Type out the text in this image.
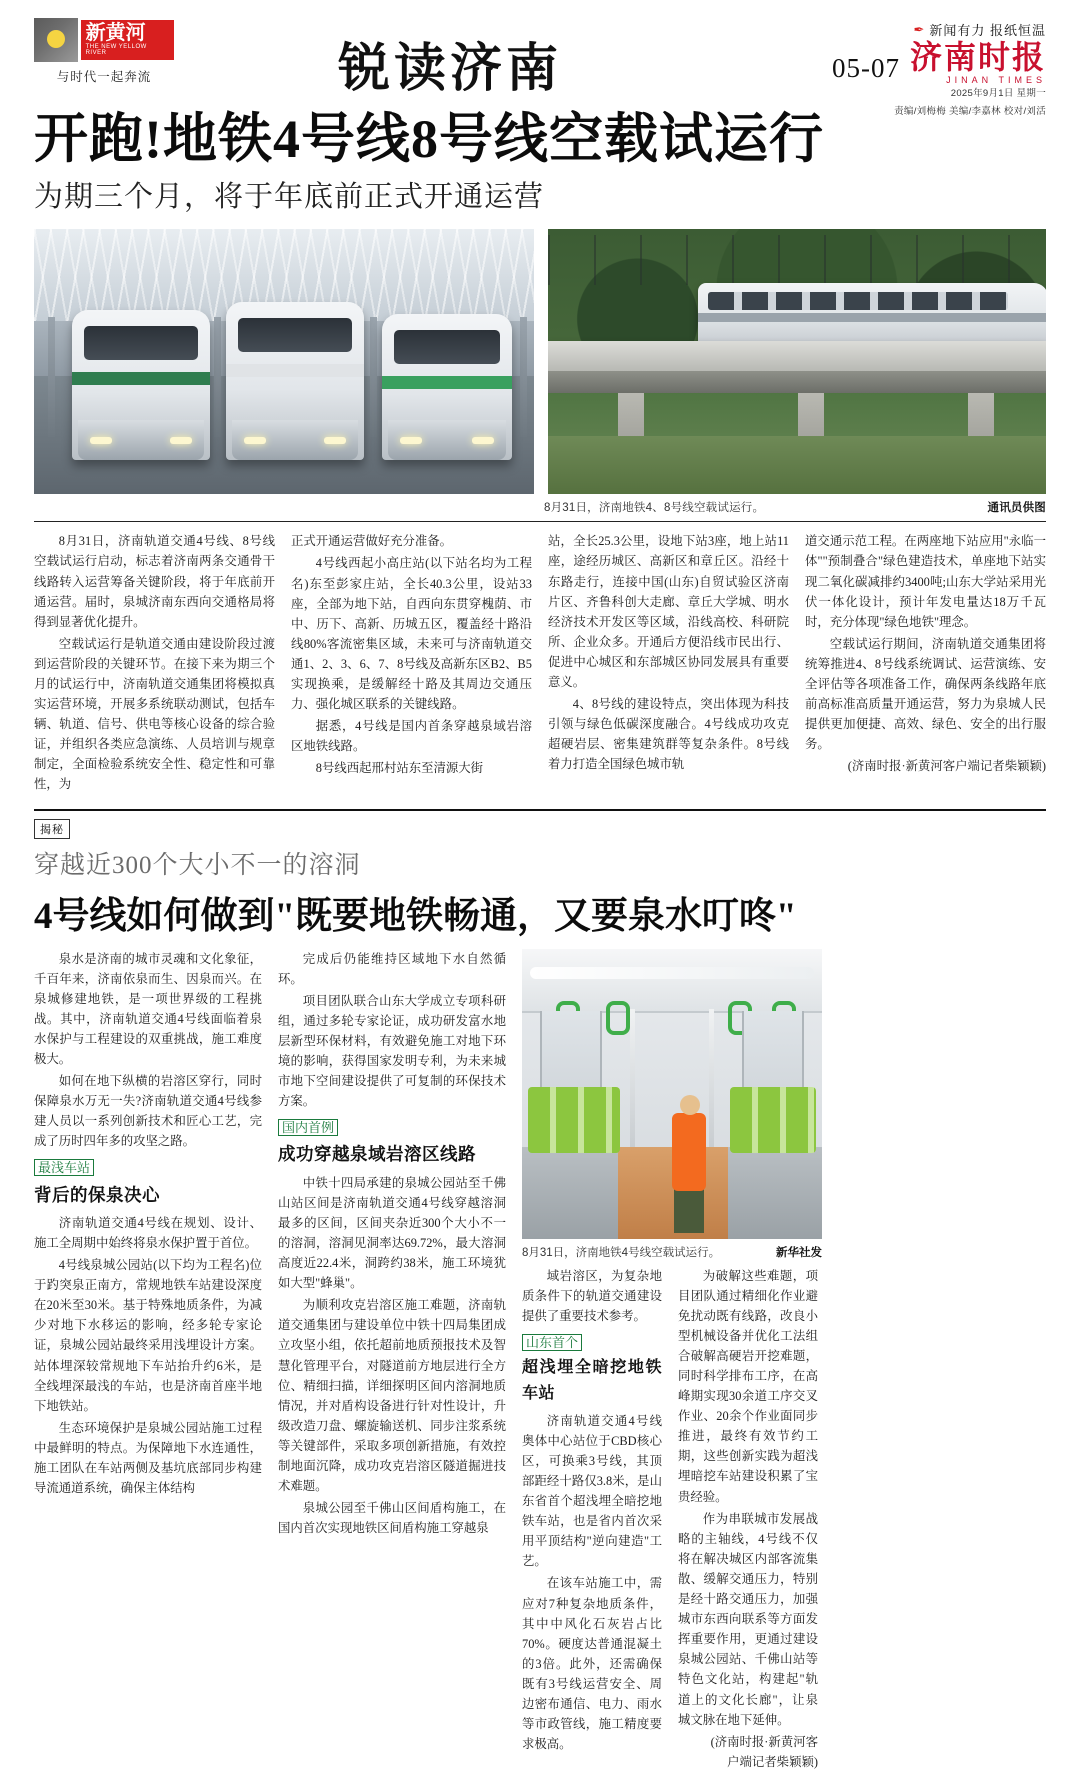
新黄河
THE NEW YELLOW RIVER
与时代一起奔流	锐读济南
✒ 新闻有力 报纸恒温
05-07 济南时报
JINAN TIMES
2025年9月1日 星期一
责编/刘梅梅 美编/李嘉林 校对/刘活
开跑!地铁4号线8号线空载试运行
为期三个月，将于年底前正式开通运营
8月31日，济南地铁4、8号线空载试运行。	通讯员供图

8月31日，济南轨道交通4号线、8号线空载试运行启动，标志着济南两条交通骨干线路转入运营筹备关键阶段，将于年底前开通运营。届时，泉城济南东西向交通格局将得到显著优化提升。

空载试运行是轨道交通由建设阶段过渡到运营阶段的关键环节。在接下来为期三个月的试运行中，济南轨道交通集团将模拟真实运营环境，开展多系统联动测试，包括车辆、轨道、信号、供电等核心设备的综合验证，并组织各类应急演练、人员培训与规章制定，全面检验系统安全性、稳定性和可靠性，为

正式开通运营做好充分准备。

4号线西起小高庄站(以下站名均为工程名)东至彭家庄站，全长40.3公里，设站33座，全部为地下站，自西向东贯穿槐荫、市中、历下、高新、历城五区，覆盖经十路沿线80%客流密集区域，未来可与济南轨道交通1、2、3、6、7、8号线及高新东区B2、B5实现换乘，是缓解经十路及其周边交通压力、强化城区联系的关键线路。

据悉，4号线是国内首条穿越泉域岩溶区地铁线路。

8号线西起邢村站东至清源大街

站，全长25.3公里，设地下站3座，地上站11座，途经历城区、高新区和章丘区。沿经十东路走行，连接中国(山东)自贸试验区济南片区、齐鲁科创大走廊、章丘大学城、明水经济技术开发区等区域，沿线高校、科研院所、企业众多。开通后方便沿线市民出行、促进中心城区和东部城区协同发展具有重要意义。

4、8号线的建设特点，突出体现为科技引领与绿色低碳深度融合。4号线成功攻克超硬岩层、密集建筑群等复杂条件。8号线着力打造全国绿色城市轨

道交通示范工程。在两座地下站应用"永临一体""预制叠合"绿色建造技术，单座地下站实现二氧化碳减排约3400吨;山东大学站采用光伏一体化设计，预计年发电量达18万千瓦时，充分体现"绿色地铁"理念。

空载试运行期间，济南轨道交通集团将统筹推进4、8号线系统调试、运营演练、安全评估等各项准备工作，确保两条线路年底前高标准高质量开通运营，努力为泉城人民提供更加便捷、高效、绿色、安全的出行服务。

(济南时报·新黄河客户端记者柴颖颖)

揭秘
穿越近300个大小不一的溶洞
4号线如何做到"既要地铁畅通，又要泉水叮咚"

泉水是济南的城市灵魂和文化象征，千百年来，济南依泉而生、因泉而兴。在泉城修建地铁，是一项世界级的工程挑战。其中，济南轨道交通4号线面临着泉水保护与工程建设的双重挑战，施工难度极大。

如何在地下纵横的岩溶区穿行，同时保障泉水万无一失?济南轨道交通4号线参建人员以一系列创新技术和匠心工艺，完成了历时四年多的攻坚之路。

最浅车站
背后的保泉决心

济南轨道交通4号线在规划、设计、施工全周期中始终将泉水保护置于首位。

4号线泉城公园站(以下均为工程名)位于趵突泉正南方，常规地铁车站建设深度在20米至30米。基于特殊地质条件，为减少对地下水移运的影响，经多轮专家论证，泉城公园站最终采用浅埋设计方案。站体埋深较常规地下车站抬升约6米，是全线埋深最浅的车站，也是济南首座半地下地铁站。

生态环境保护是泉城公园站施工过程中最鲜明的特点。为保障地下水连通性，施工团队在车站两侧及基坑底部同步构建导流通道系统，确保主体结构

完成后仍能维持区域地下水自然循环。

项目团队联合山东大学成立专项科研组，通过多轮专家论证，成功研发富水地层新型环保材料，有效避免施工对地下环境的影响，获得国家发明专利，为未来城市地下空间建设提供了可复制的环保技术方案。

国内首例
成功穿越泉域岩溶区线路

中铁十四局承建的泉城公园站至千佛山站区间是济南轨道交通4号线穿越溶洞最多的区间，区间夹杂近300个大小不一的溶洞，溶洞见洞率达69.72%，最大溶洞高度近22.4米，洞跨约38米，施工环境犹如大型"蜂巢"。

为顺利攻克岩溶区施工难题，济南轨道交通集团与建设单位中铁十四局集团成立攻坚小组，依托超前地质预报技术及智慧化管理平台，对隧道前方地层进行全方位、精细扫描，详细探明区间内溶洞地质情况，并对盾构设备进行针对性设计，升级改造刀盘、螺旋输送机、同步注浆系统等关键部件，采取多项创新措施，有效控制地面沉降，成功攻克岩溶区隧道掘进技术难题。

泉城公园至千佛山区间盾构施工，在国内首次实现地铁区间盾构施工穿越泉

8月31日，济南地铁4号线空载试运行。	新华社发

域岩溶区，为复杂地质条件下的轨道交通建设提供了重要技术参考。

山东首个
超浅埋全暗挖地铁车站

济南轨道交通4号线奥体中心站位于CBD核心区，可换乘3号线，其顶部距经十路仅3.8米，是山东省首个超浅埋全暗挖地铁车站，也是省内首次采用平顶结构"逆向建造"工艺。

在该车站施工中，需应对7种复杂地质条件，其中中风化石灰岩占比70%。硬度达普通混凝土的3倍。此外，还需确保既有3号线运营安全、周边密布通信、电力、雨水等市政管线，施工精度要求极高。

为破解这些难题，项目团队通过精细化作业避免扰动既有线路，改良小型机械设备并优化工法组合破解高硬岩开挖难题，同时科学排布工序，在高峰期实现30余道工序交叉作业、20余个作业面同步推进，最终有效节约工期，这些创新实践为超浅埋暗挖车站建设积累了宝贵经验。

作为串联城市发展战略的主轴线，4号线不仅将在解决城区内部客流集散、缓解交通压力，特别是经十路交通压力，加强城市东西向联系等方面发挥重要作用，更通过建设泉城公园站、千佛山站等特色文化站，构建起"轨道上的文化长廊"，让泉城文脉在地下延伸。

(济南时报·新黄河客户端记者柴颖颖)
